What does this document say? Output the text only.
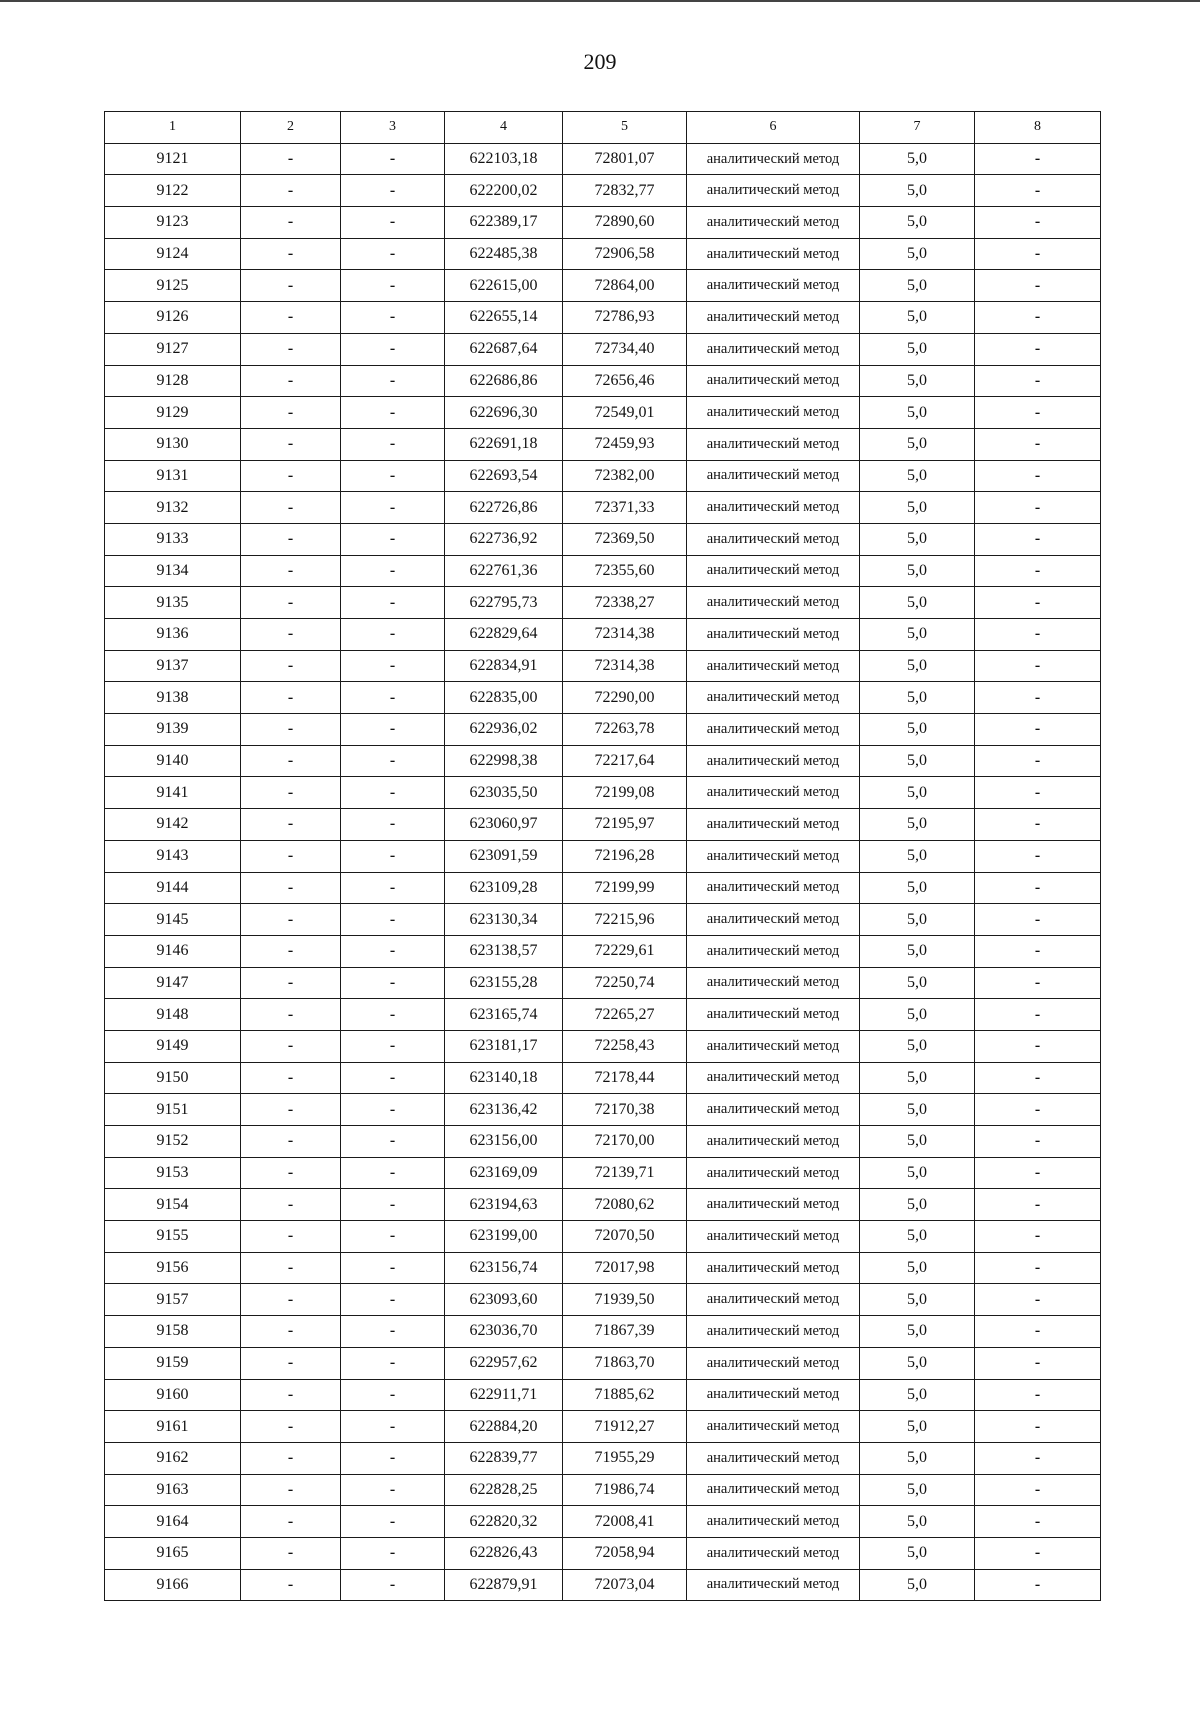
209
1	2	3	4	5	6	7	8
9121	-	-	622103,18	72801,07	аналитический метод	5,0	-
9122	-	-	622200,02	72832,77	аналитический метод	5,0	-
9123	-	-	622389,17	72890,60	аналитический метод	5,0	-
9124	-	-	622485,38	72906,58	аналитический метод	5,0	-
9125	-	-	622615,00	72864,00	аналитический метод	5,0	-
9126	-	-	622655,14	72786,93	аналитический метод	5,0	-
9127	-	-	622687,64	72734,40	аналитический метод	5,0	-
9128	-	-	622686,86	72656,46	аналитический метод	5,0	-
9129	-	-	622696,30	72549,01	аналитический метод	5,0	-
9130	-	-	622691,18	72459,93	аналитический метод	5,0	-
9131	-	-	622693,54	72382,00	аналитический метод	5,0	-
9132	-	-	622726,86	72371,33	аналитический метод	5,0	-
9133	-	-	622736,92	72369,50	аналитический метод	5,0	-
9134	-	-	622761,36	72355,60	аналитический метод	5,0	-
9135	-	-	622795,73	72338,27	аналитический метод	5,0	-
9136	-	-	622829,64	72314,38	аналитический метод	5,0	-
9137	-	-	622834,91	72314,38	аналитический метод	5,0	-
9138	-	-	622835,00	72290,00	аналитический метод	5,0	-
9139	-	-	622936,02	72263,78	аналитический метод	5,0	-
9140	-	-	622998,38	72217,64	аналитический метод	5,0	-
9141	-	-	623035,50	72199,08	аналитический метод	5,0	-
9142	-	-	623060,97	72195,97	аналитический метод	5,0	-
9143	-	-	623091,59	72196,28	аналитический метод	5,0	-
9144	-	-	623109,28	72199,99	аналитический метод	5,0	-
9145	-	-	623130,34	72215,96	аналитический метод	5,0	-
9146	-	-	623138,57	72229,61	аналитический метод	5,0	-
9147	-	-	623155,28	72250,74	аналитический метод	5,0	-
9148	-	-	623165,74	72265,27	аналитический метод	5,0	-
9149	-	-	623181,17	72258,43	аналитический метод	5,0	-
9150	-	-	623140,18	72178,44	аналитический метод	5,0	-
9151	-	-	623136,42	72170,38	аналитический метод	5,0	-
9152	-	-	623156,00	72170,00	аналитический метод	5,0	-
9153	-	-	623169,09	72139,71	аналитический метод	5,0	-
9154	-	-	623194,63	72080,62	аналитический метод	5,0	-
9155	-	-	623199,00	72070,50	аналитический метод	5,0	-
9156	-	-	623156,74	72017,98	аналитический метод	5,0	-
9157	-	-	623093,60	71939,50	аналитический метод	5,0	-
9158	-	-	623036,70	71867,39	аналитический метод	5,0	-
9159	-	-	622957,62	71863,70	аналитический метод	5,0	-
9160	-	-	622911,71	71885,62	аналитический метод	5,0	-
9161	-	-	622884,20	71912,27	аналитический метод	5,0	-
9162	-	-	622839,77	71955,29	аналитический метод	5,0	-
9163	-	-	622828,25	71986,74	аналитический метод	5,0	-
9164	-	-	622820,32	72008,41	аналитический метод	5,0	-
9165	-	-	622826,43	72058,94	аналитический метод	5,0	-
9166	-	-	622879,91	72073,04	аналитический метод	5,0	-
